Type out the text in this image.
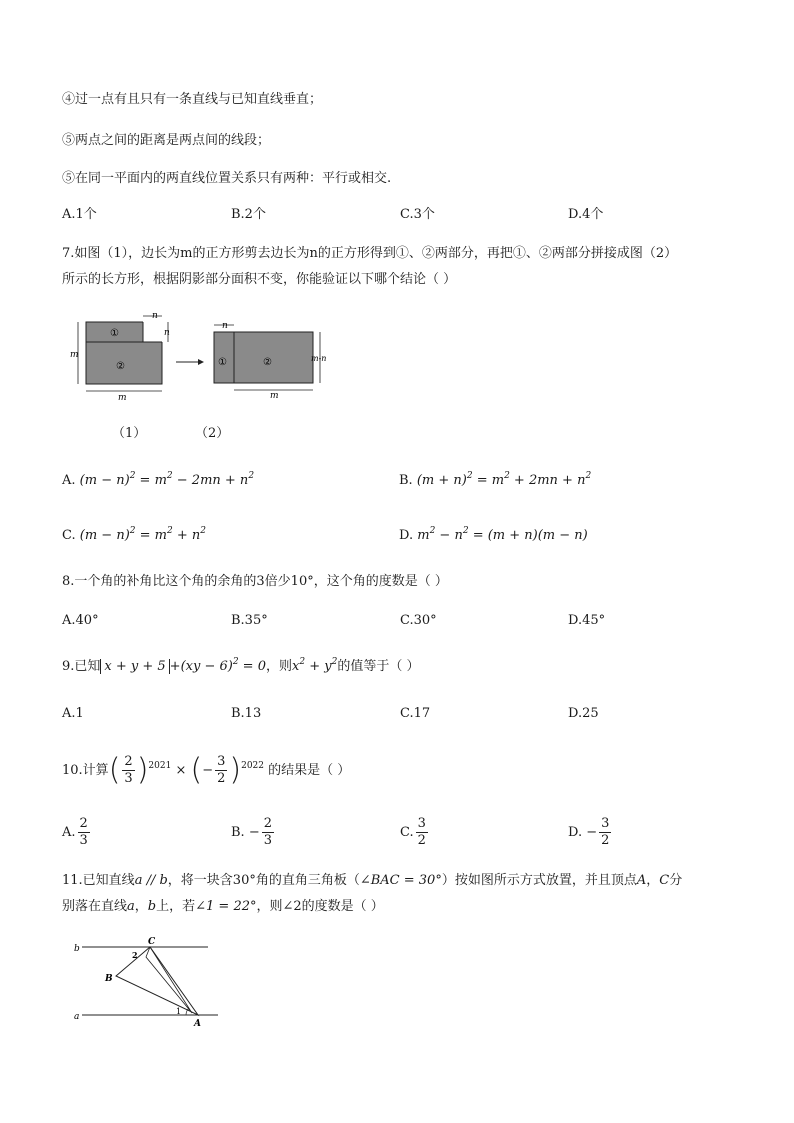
④过一点有且只有一条直线与已知直线垂直；
⑤两点之间的距离是两点间的线段；
⑤在同一平面内的两直线位置关系只有两种：平行或相交.
A.1个	B.2个	C.3个	D.4个
7.如图（1），边长为m的正方形剪去边长为n的正方形得到①、②两部分，再把①、②两部分拼接成图（2）
所示的长方形，根据阴影部分面积不变，你能验证以下哪个结论（ ）
n
n
m
m
①
②
n
m-n
m
①	②
（1）	（2）
A. $(m - n)^2 = m^2 - 2mn + n^2$	B. $(m + n)^2 = m^2 + 2mn + n^2$
C. $(m - n)^2 = m^2 + n^2$	D. $m^2 - n^2 = (m + n)(m - n)$
8.一个角的补角比这个角的余角的3倍少10°，这个角的度数是（ ）
A.40°	B.35°	C.30°	D.45°
9.已知 x + y + 5 +(xy − 6)$^2$ = 0，则$x^2 + y^2$的值等于（ ）
A.1	B.13	C.17	D.25
10.计算( $\frac{2}{3} )^{2021}$ × (− $\frac{3}{2} )^{2022}$ 的结果是（ ）
A. $\frac{2}{3}$	B. − $\frac{2}{3}$	C. $\frac{3}{2}$	D. − $\frac{3}{2}$
11.已知直线a // b，将一块含30°角的直角三角板（∠BAC = 30°）按如图所示方式放置，并且顶点A，C分
别落在直线a，b上，若∠1 = 22°，则∠2的度数是（ ）
b
a
C
B
A
1
2
